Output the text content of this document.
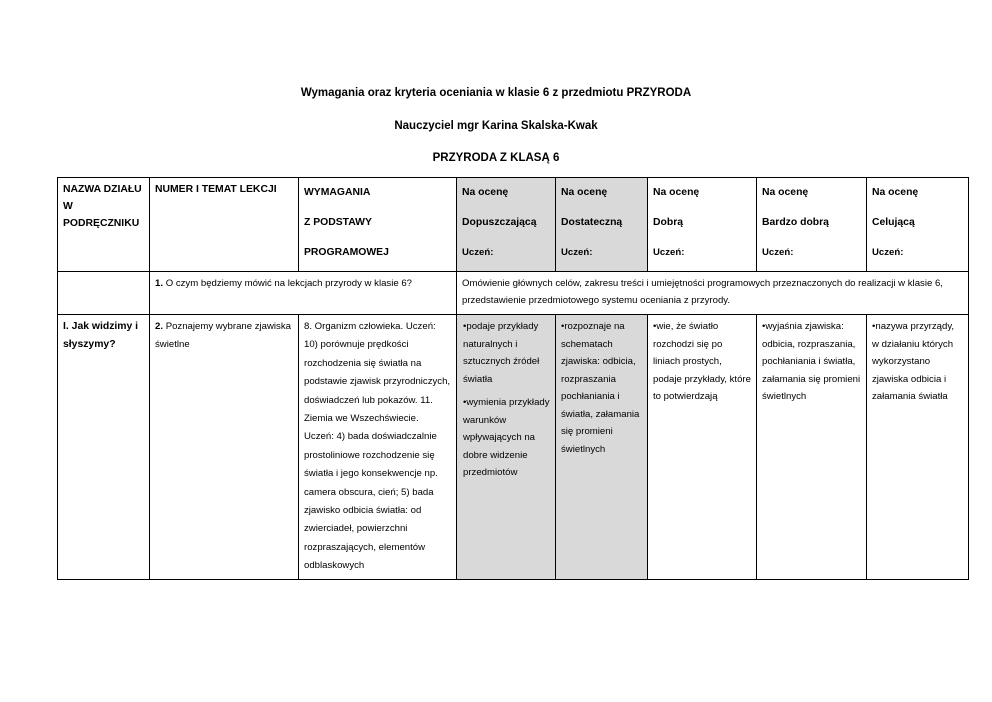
Wymagania oraz kryteria oceniania w klasie 6 z przedmiotu PRZYRODA
Nauczyciel mgr Karina Skalska-Kwak
PRZYRODA Z KLASĄ 6
NAZWA DZIAŁU W PODRĘCZNIKU	NUMER I TEMAT LEKCJI	WYMAGANIA
Z PODSTAWY
PROGRAMOWEJ	Na ocenę
Dopuszczającą
Uczeń:	Na ocenę
Dostateczną
Uczeń:	Na ocenę
Dobrą
Uczeń:	Na ocenę
Bardzo dobrą
Uczeń:	Na ocenę
Celującą
Uczeń:

	1. O czym będziemy mówić na lekcjach przyrody w klasie 6?		Omówienie głównych celów, zakresu treści i umiejętności programowych przeznaczonych do realizacji w klasie 6, przedstawienie przedmiotowego systemu oceniania z przyrody.				
I. Jak widzimy i słyszymy?	2. Poznajemy wybrane zjawiska świetlne	8. Organizm człowieka. Uczeń: 10) porównuje prędkości rozchodzenia się światła na podstawie zjawisk przyrodniczych, doświadczeń lub pokazów. 11. Ziemia we Wszechświecie. Uczeń: 4) bada doświadczalnie prostoliniowe rozchodzenie się światła i jego konsekwencje np. camera obscura, cień; 5) bada zjawisko odbicia światła: od zwierciadeł, powierzchni rozpraszających, elementów odblaskowych	• podaje przykłady naturalnych i sztucznych źródeł światła
• wymienia przykłady warunków wpływających na dobre widzenie przedmiotów	• rozpoznaje na schematach zjawiska: odbicia, rozpraszania pochłaniania i światła, załamania się promieni świetlnych	• wie, że światło rozchodzi się po liniach prostych, podaje przykłady, które to potwierdzają	• wyjaśnia zjawiska: odbicia, rozpraszania, pochłaniania i światła, załamania się promieni świetlnych	• nazywa przyrządy, w działaniu których wykorzystano zjawiska odbicia i załamania światła
